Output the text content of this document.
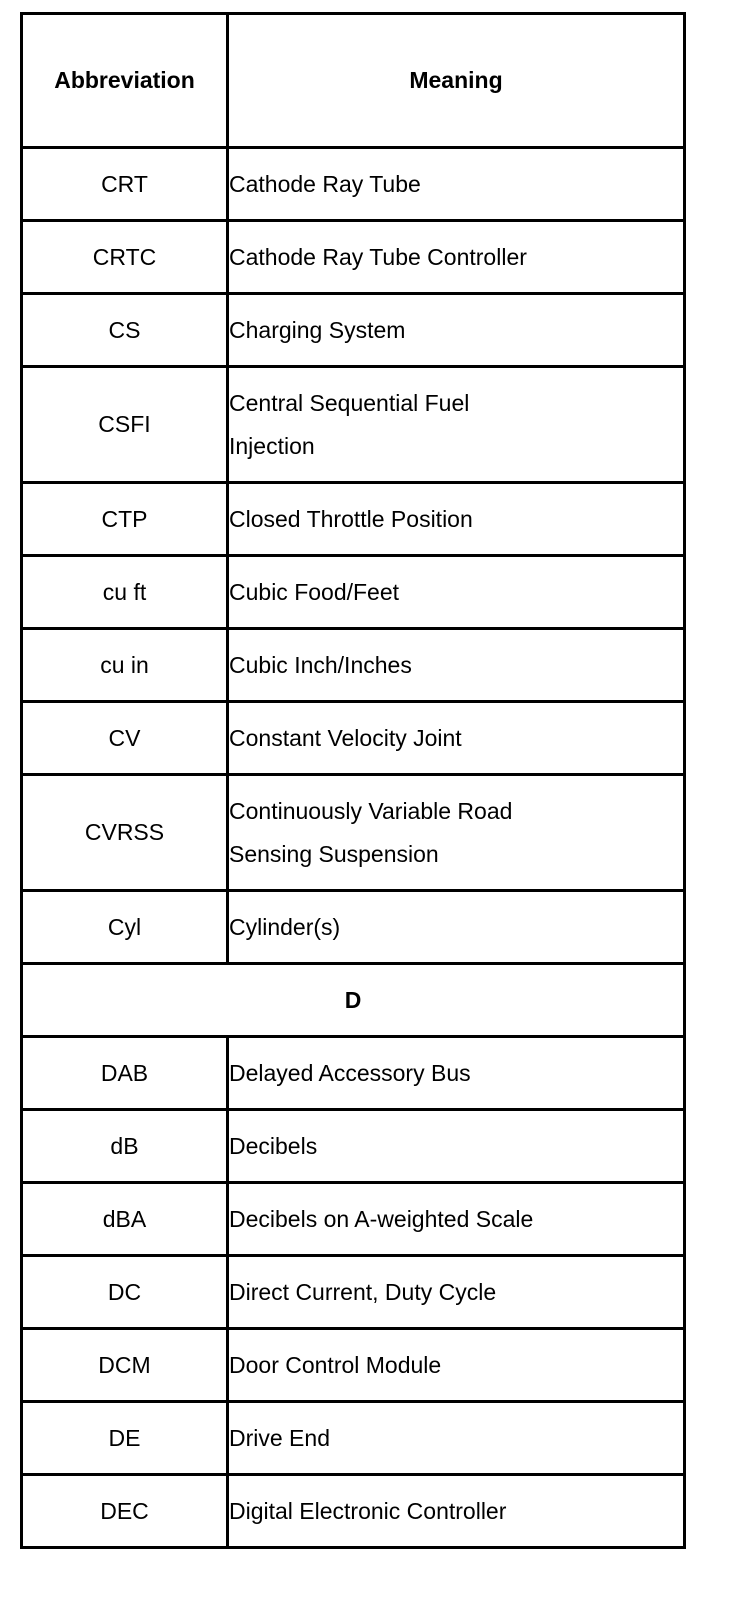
Abbreviation	Meaning
CRT	Cathode Ray Tube
CRTC	Cathode Ray Tube Controller
CS	Charging System
CSFI	Central Sequential Fuel Injection
CTP	Closed Throttle Position
cu ft	Cubic Food/Feet
cu in	Cubic Inch/Inches
CV	Constant Velocity Joint
CVRSS	Continuously Variable Road Sensing Suspension
Cyl	Cylinder(s)
D	
DAB	Delayed Accessory Bus
dB	Decibels
dBA	Decibels on A-weighted Scale
DC	Direct Current, Duty Cycle
DCM	Door Control Module
DE	Drive End
DEC	Digital Electronic Controller
